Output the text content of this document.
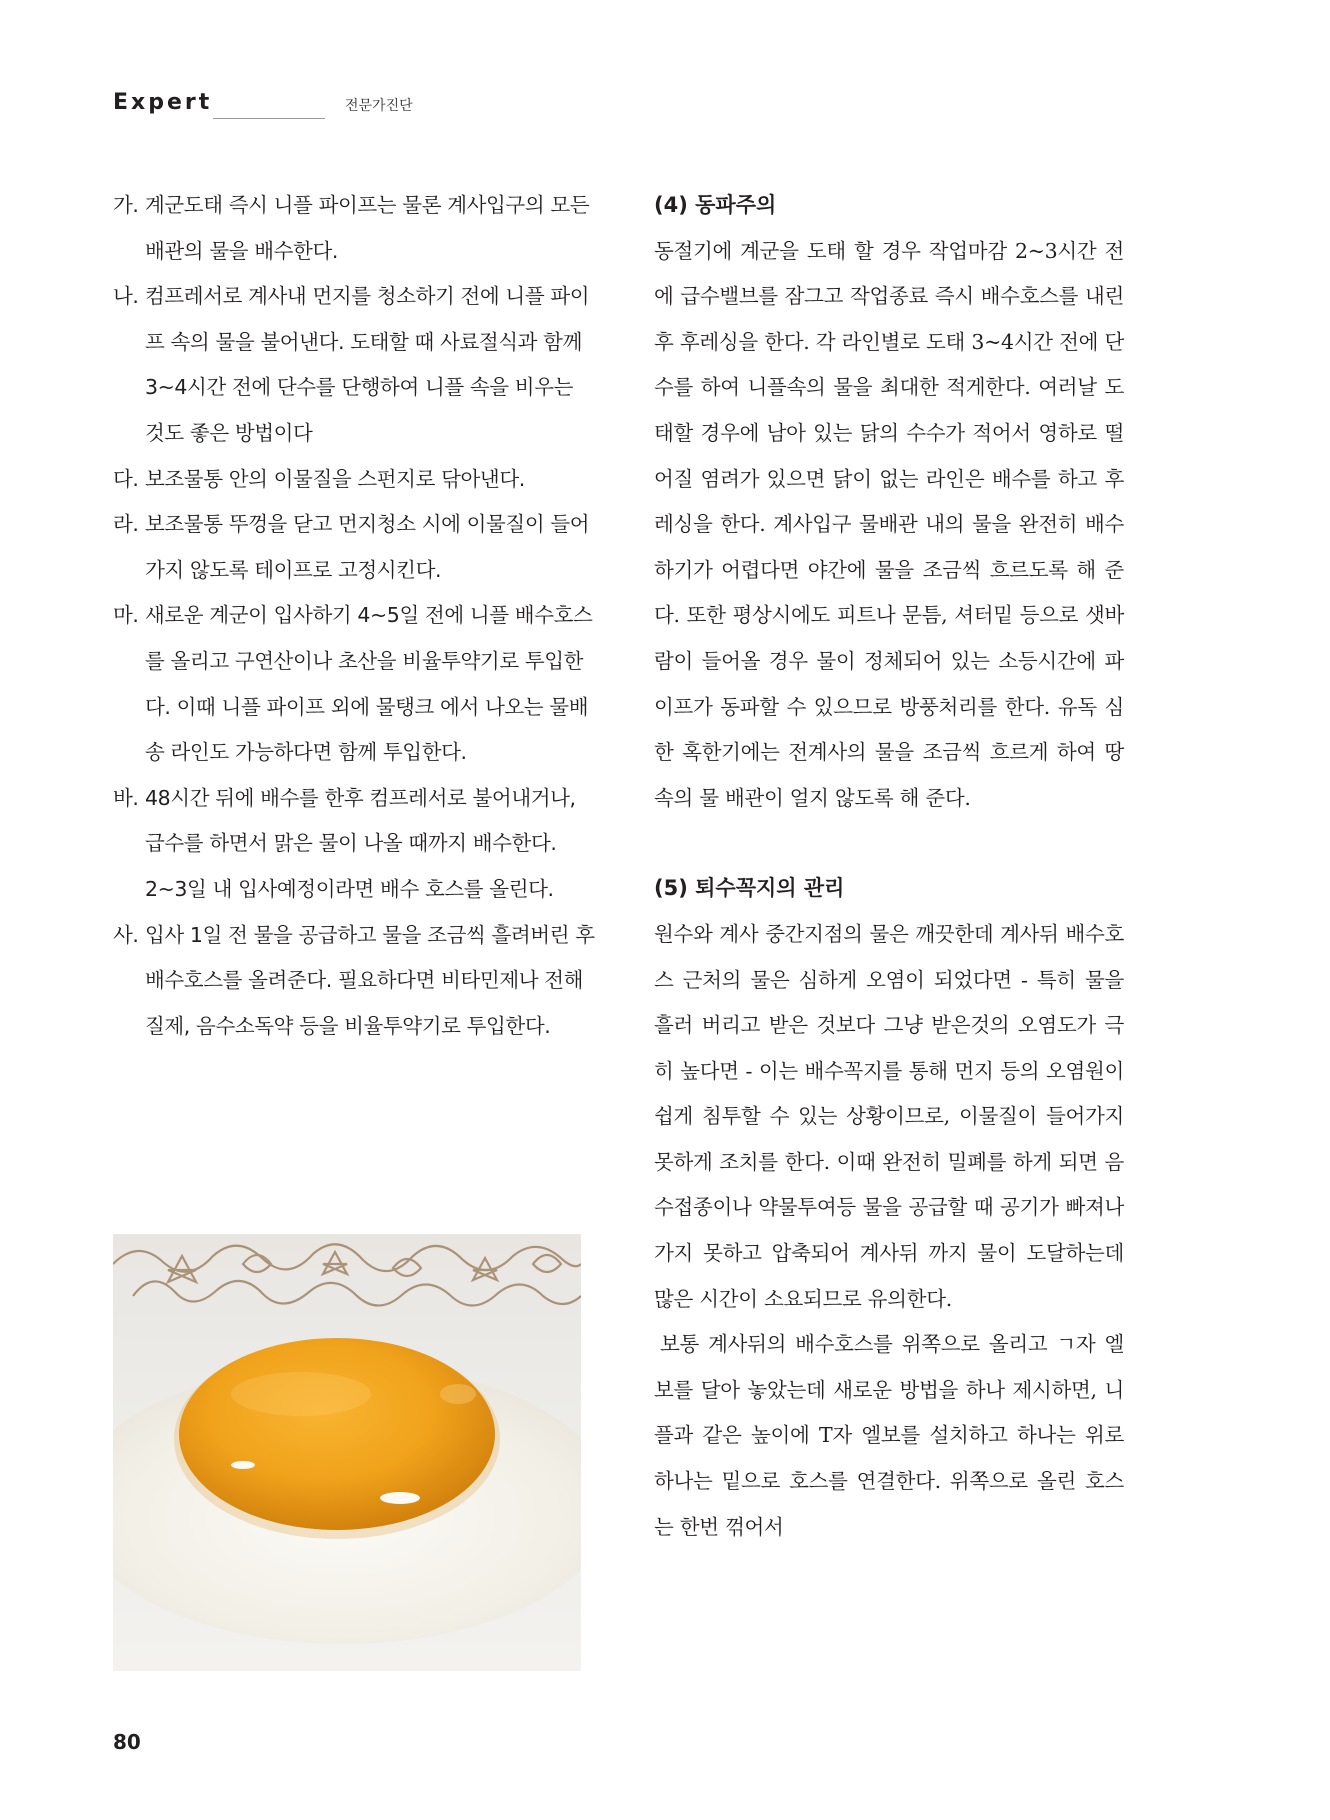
Expert	전문가진단
가. 계군도태 즉시 니플 파이프는 물론 계사입구의 모든 배관의 물을 배수한다.
나. 컴프레서로 계사내 먼지를 청소하기 전에 니플 파이프 속의 물을 불어낸다. 도태할 때 사료절식과 함께 3~4시간 전에 단수를 단행하여 니플 속을 비우는 것도 좋은 방법이다
다. 보조물통 안의 이물질을 스펀지로 닦아낸다.
라. 보조물통 뚜껑을 닫고 먼지청소 시에 이물질이 들어가지 않도록 테이프로 고정시킨다.
마. 새로운 계군이 입사하기 4~5일 전에 니플 배수호스를 올리고 구연산이나 초산을 비율투약기로 투입한다. 이때 니플 파이프 외에 물탱크 에서 나오는 물배송 라인도 가능하다면 함께 투입한다.
바. 48시간 뒤에 배수를 한후 컴프레서로 불어내거나, 급수를 하면서 맑은 물이 나올 때까지 배수한다. 2~3일 내 입사예정이라면 배수 호스를 올린다.
사. 입사 1일 전 물을 공급하고 물을 조금씩 흘려버린 후 배수호스를 올려준다. 필요하다면 비타민제나 전해질제, 음수소독약 등을 비율투약기로 투입한다.
(4) 동파주의
동절기에 계군을 도태 할 경우 작업마감 2~3시간 전에 급수밸브를 잠그고 작업종료 즉시 배수호스를 내린 후 후레싱을 한다. 각 라인별로 도태 3~4시간 전에 단수를 하여 니플속의 물을 최대한 적게한다. 여러날 도태할 경우에 남아 있는 닭의 수수가 적어서 영하로 떨어질 염려가 있으면 닭이 없는 라인은 배수를 하고 후레싱을 한다. 계사입구 물배관 내의 물을 완전히 배수하기가 어렵다면 야간에 물을 조금씩 흐르도록 해 준다. 또한 평상시에도 피트나 문틈, 셔터밑 등으로 샛바람이 들어올 경우 물이 정체되어 있는 소등시간에 파이프가 동파할 수 있으므로 방풍처리를 한다. 유독 심한 혹한기에는 전계사의 물을 조금씩 흐르게 하여 땅속의 물 배관이 얼지 않도록 해 준다.
(5) 퇴수꼭지의 관리
원수와 계사 중간지점의 물은 깨끗한데 계사뒤 배수호스 근처의 물은 심하게 오염이 되었다면 - 특히 물을 흘러 버리고 받은 것보다 그냥 받은것의 오염도가 극히 높다면 - 이는 배수꼭지를 통해 먼지 등의 오염원이 쉽게 침투할 수 있는 상황이므로, 이물질이 들어가지 못하게 조치를 한다. 이때 완전히 밀폐를 하게 되면 음수접종이나 약물투여등 물을 공급할 때 공기가 빠져나가지 못하고 압축되어 계사뒤 까지 물이 도달하는데 많은 시간이 소요되므로 유의한다.
보통 계사뒤의 배수호스를 위쪽으로 올리고 ㄱ자 엘보를 달아 놓았는데 새로운 방법을 하나 제시하면, 니플과 같은 높이에 T자 엘보를 설치하고 하나는 위로 하나는 밑으로 호스를 연결한다. 위쪽으로 올린 호스는 한번 꺾어서
80
